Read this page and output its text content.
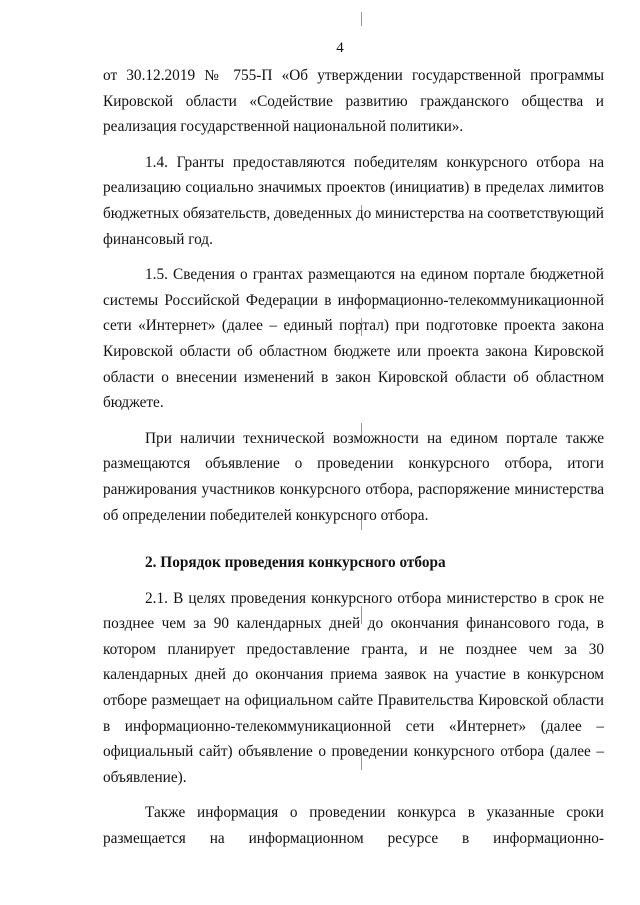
4

от 30.12.2019 № 755-П «Об утверждении государственной программы Кировской области «Содействие развитию гражданского общества и реализация государственной национальной политики».

1.4. Гранты предоставляются победителям конкурсного отбора на реализацию социально значимых проектов (инициатив) в пределах лимитов бюджетных обязательств, доведенных до министерства на соответствующий финансовый год.

1.5. Сведения о грантах размещаются на едином портале бюджетной системы Российской Федерации в информационно-телекоммуникационной сети «Интернет» (далее – единый портал) при подготовке проекта закона Кировской области об областном бюджете или проекта закона Кировской области о внесении изменений в закон Кировской области об областном бюджете.

При наличии технической возможности на едином портале также размещаются объявление о проведении конкурсного отбора, итоги ранжирования участников конкурсного отбора, распоряжение министерства об определении победителей конкурсного отбора.

2. Порядок проведения конкурсного отбора

2.1. В целях проведения конкурсного отбора министерство в срок не позднее чем за 90 календарных дней до окончания финансового года, в котором планирует предоставление гранта, и не позднее чем за 30 календарных дней до окончания приема заявок на участие в конкурсном отборе размещает на официальном сайте Правительства Кировской области в информационно-телекоммуникационной сети «Интернет» (далее – официальный сайт) объявление о проведении конкурсного отбора (далее – объявление).

Также информация о проведении конкурса в указанные сроки размещается на информационном ресурсе в информационно-
